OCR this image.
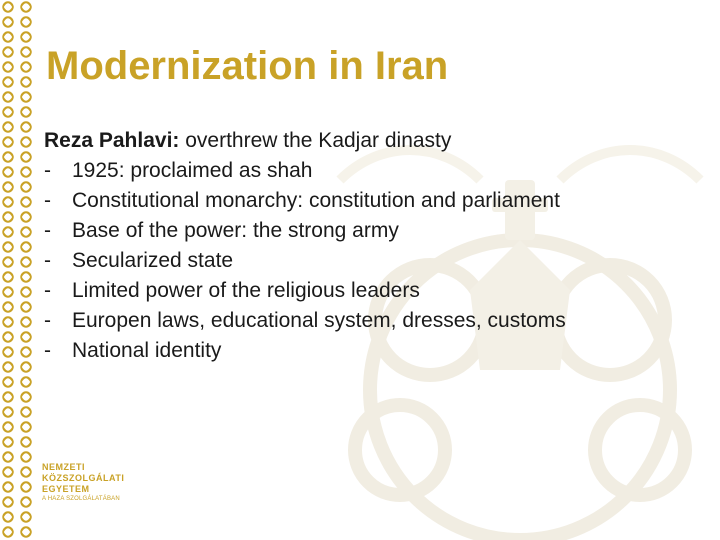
Modernization in Iran
Reza Pahlavi: overthrew the Kadjar dinasty
-	1925: proclaimed as shah
-	Constitutional monarchy: constitution and parliament
-	Base of the power: the strong army
-	Secularized state
-	Limited power of the religious leaders
-	Europen laws, educational system, dresses, customs
-	National identity
NEMZETI
KÖZSZOLGÁLATI
EGYETEM
A HAZA SZOLGÁLATÁBAN
